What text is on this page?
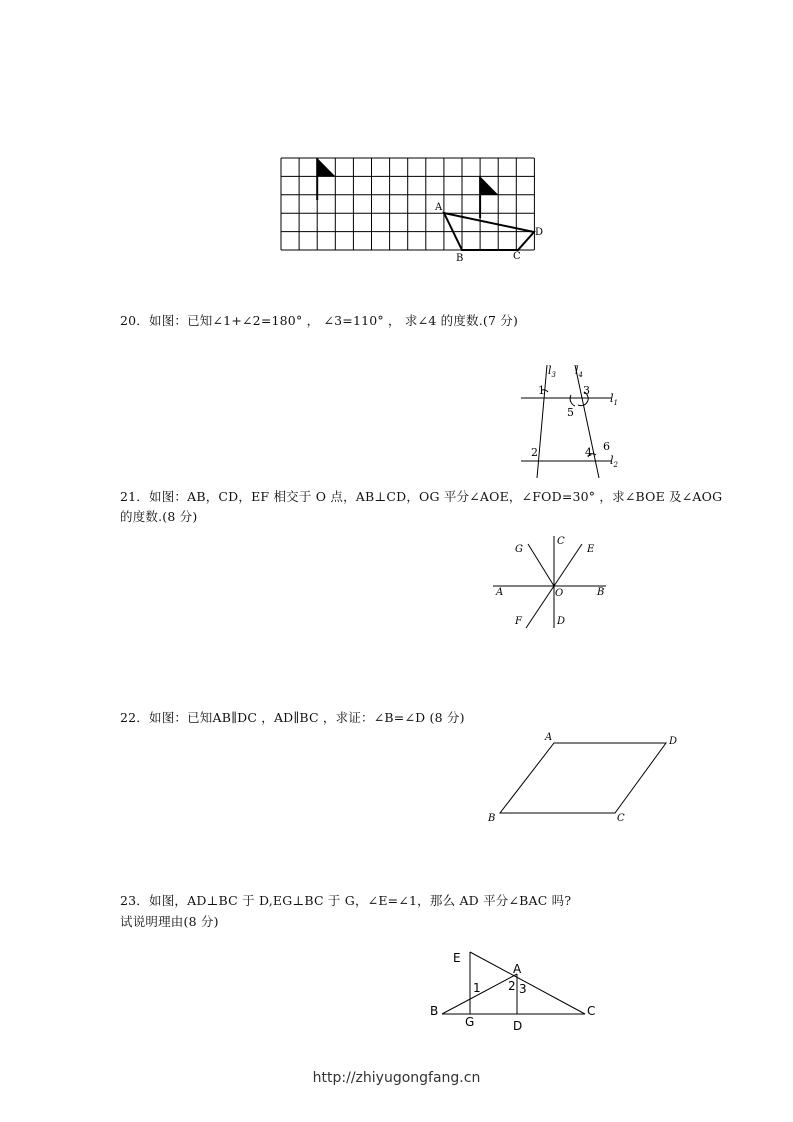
A
B	C
D
20．如图：已知∠1+∠2=180° ， ∠3=110° ， 求∠4 的度数.(7 分)
$l_3$ $l_4$
$l_1$
$l_2$
1	3
5
2	4 6
21．如图：AB，CD，EF 相交于 O 点，AB⊥CD，OG 平分∠AOE，∠FOD=30° ，求∠BOE 及∠AOG
的度数.(8 分)
C
G	E
A	O	B
F	D
22．如图：已知AB∥DC ，AD∥BC ，求证：∠B=∠D (8 分)
A	D
B	C
23．如图，AD⊥BC 于 D,EG⊥BC 于 G，∠E=∠1，那么 AD 平分∠BAC 吗?
试说明理由(8 分)
E
A
1 2 3
B
G	D
C
http://zhiyugongfang.cn
